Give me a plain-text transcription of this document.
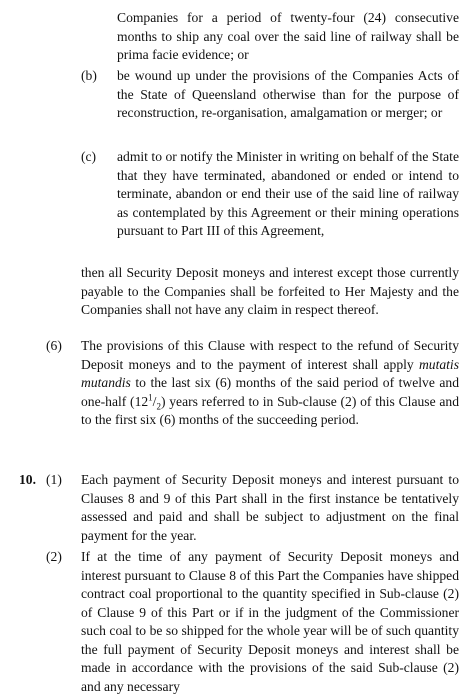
Companies for a period of twenty-four (24) consecutive months to ship any coal over the said line of railway shall be prima facie evidence; or
(b) be wound up under the provisions of the Companies Acts of the State of Queensland otherwise than for the purpose of reconstruction, re-organisation, amalgamation or merger; or
(c) admit to or notify the Minister in writing on behalf of the State that they have terminated, abandoned or ended or intend to terminate, abandon or end their use of the said line of railway as contemplated by this Agreement or their mining operations pursuant to Part III of this Agreement,
then all Security Deposit moneys and interest except those currently payable to the Companies shall be forfeited to Her Majesty and the Companies shall not have any claim in respect thereof.
(6) The provisions of this Clause with respect to the refund of Security Deposit moneys and to the payment of interest shall apply mutatis mutandis to the last six (6) months of the said period of twelve and one-half $(12^1/_2)$ years referred to in Sub-clause (2) of this Clause and to the first six (6) months of the succeeding period.
10. (1) Each payment of Security Deposit moneys and interest pursuant to Clauses 8 and 9 of this Part shall in the first instance be tentatively assessed and paid and shall be subject to adjustment on the final payment for the year.
(2) If at the time of any payment of Security Deposit moneys and interest pursuant to Clause 8 of this Part the Companies have shipped contract coal proportional to the quantity specified in Sub-clause (2) of Clause 9 of this Part or if in the judgment of the Commissioner such coal to be so shipped for the whole year will be of such quantity the full payment of Security Deposit moneys and interest shall be made in accordance with the provisions of the said Sub-clause (2) and any necessary
